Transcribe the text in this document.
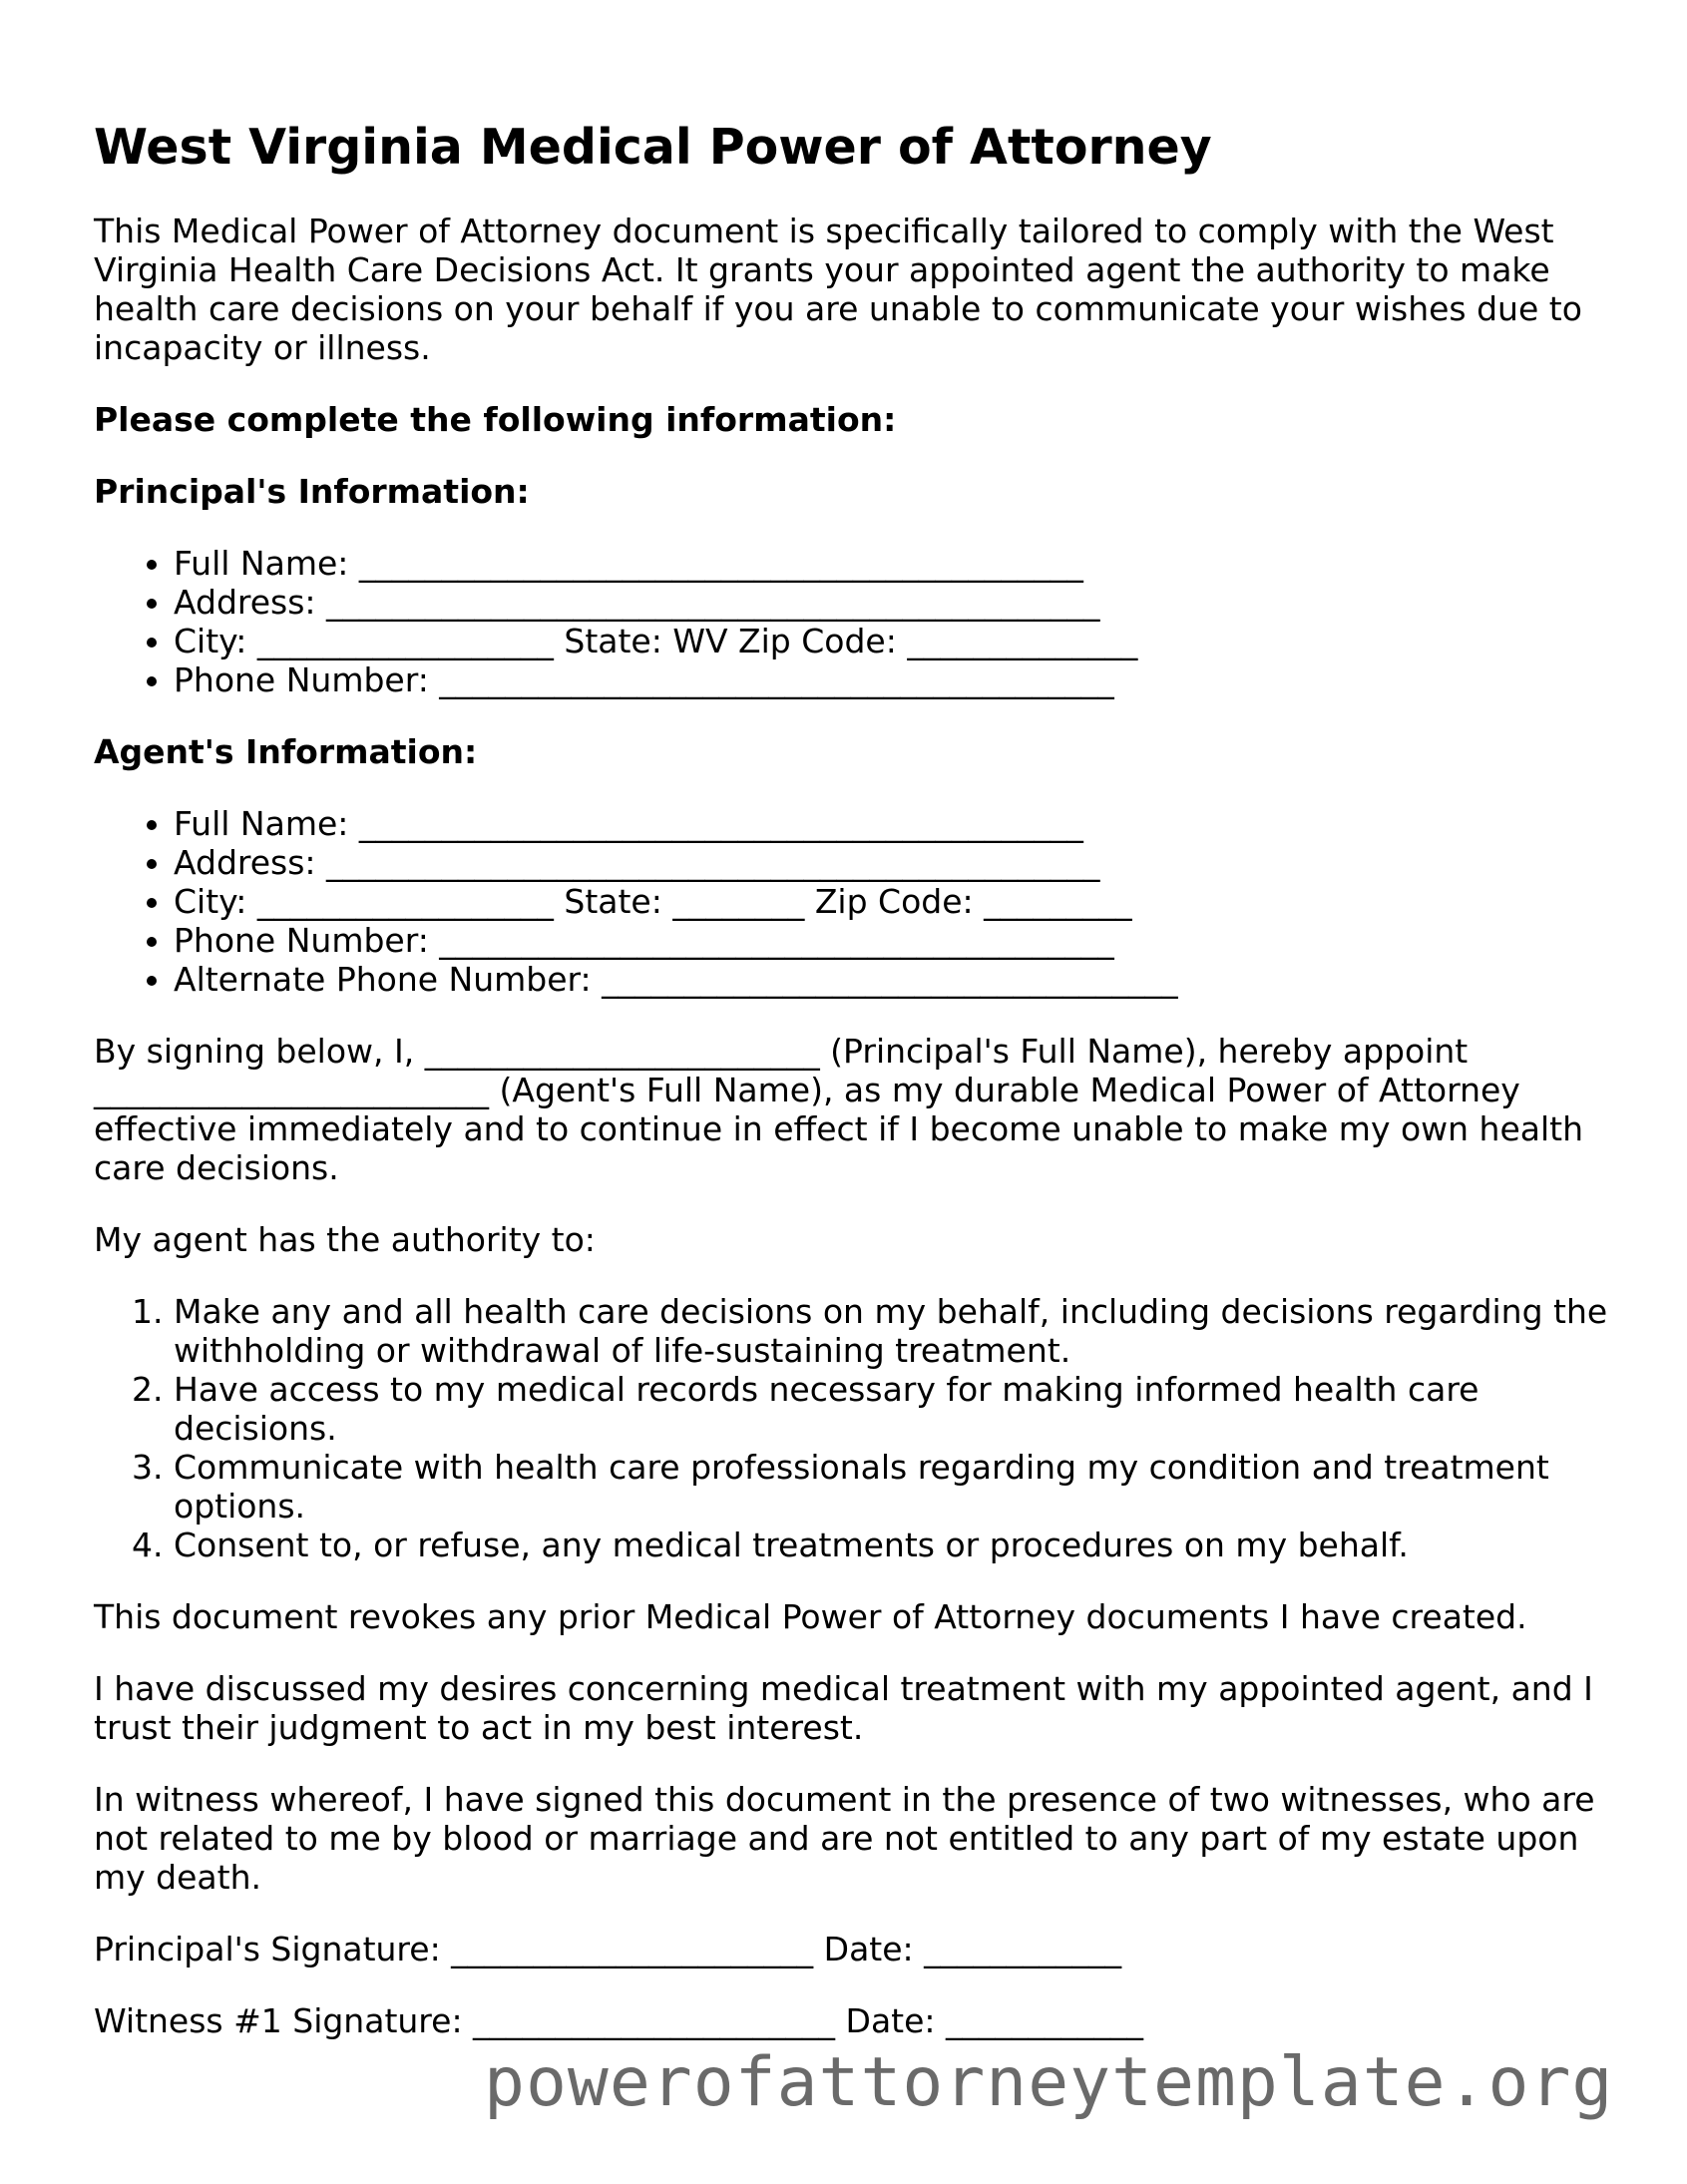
West Virginia Medical Power of Attorney

This Medical Power of Attorney document is specifically tailored to comply with the West Virginia Health Care Decisions Act. It grants your appointed agent the authority to make health care decisions on your behalf if you are unable to communicate your wishes due to incapacity or illness.

Please complete the following information:
Principal's Information:
• Full Name: ____________________________________________
• Address: _______________________________________________
• City: __________________ State: WV Zip Code: ______________
• Phone Number: _________________________________________
Agent's Information:
• Full Name: ____________________________________________
• Address: _______________________________________________
• City: __________________ State: ________ Zip Code: _________
• Phone Number: _________________________________________
• Alternate Phone Number: ___________________________________

By signing below, I, ________________________ (Principal's Full Name), hereby appoint ________________________ (Agent's Full Name), as my durable Medical Power of Attorney effective immediately and to continue in effect if I become unable to make my own health care decisions.

My agent has the authority to:

1. Make any and all health care decisions on my behalf, including decisions regarding the withholding or withdrawal of life-sustaining treatment.
2. Have access to my medical records necessary for making informed health care decisions.
3. Communicate with health care professionals regarding my condition and treatment options.
4. Consent to, or refuse, any medical treatments or procedures on my behalf.

This document revokes any prior Medical Power of Attorney documents I have created.

I have discussed my desires concerning medical treatment with my appointed agent, and I trust their judgment to act in my best interest.

In witness whereof, I have signed this document in the presence of two witnesses, who are not related to me by blood or marriage and are not entitled to any part of my estate upon my death.

Principal's Signature: ______________________ Date: ____________

Witness #1 Signature: ______________________ Date: ____________

powerofattorneytemplate.org
